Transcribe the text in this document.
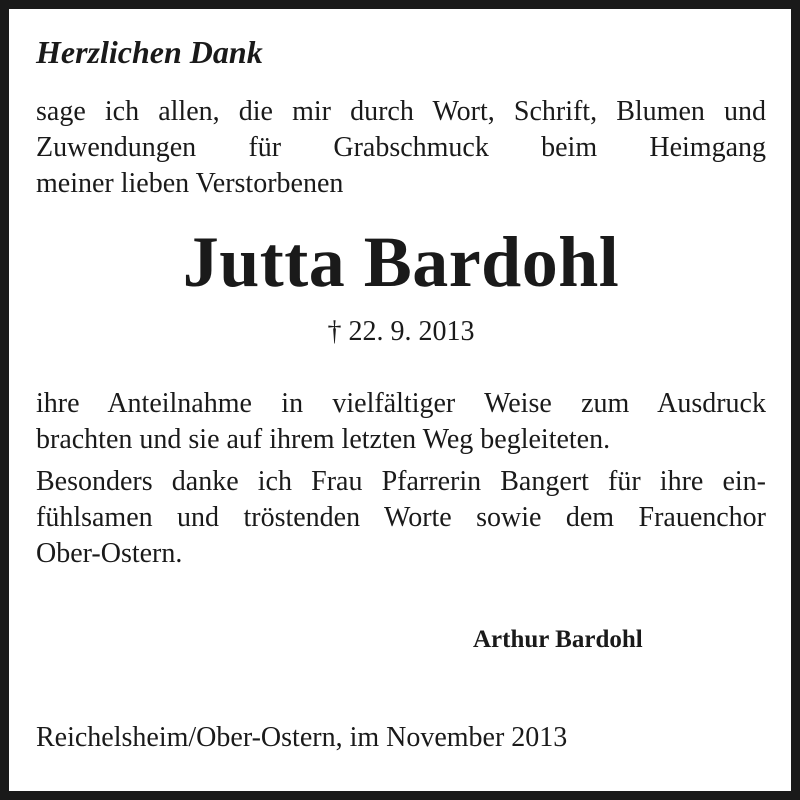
Herzlichen Dank

sage ich allen, die mir durch Wort, Schrift, Blumen und
Zuwendungen für Grabschmuck beim Heimgang
meiner lieben Verstorbenen

Jutta Bardohl
† 22. 9. 2013

ihre Anteilnahme in vielfältiger Weise zum Ausdruck
brachten und sie auf ihrem letzten Weg begleiteten.

Besonders danke ich Frau Pfarrerin Bangert für ihre ein-
fühlsamen und tröstenden Worte sowie dem Frauenchor
Ober-Ostern.

Arthur Bardohl
Reichelsheim/Ober-Ostern, im November 2013
